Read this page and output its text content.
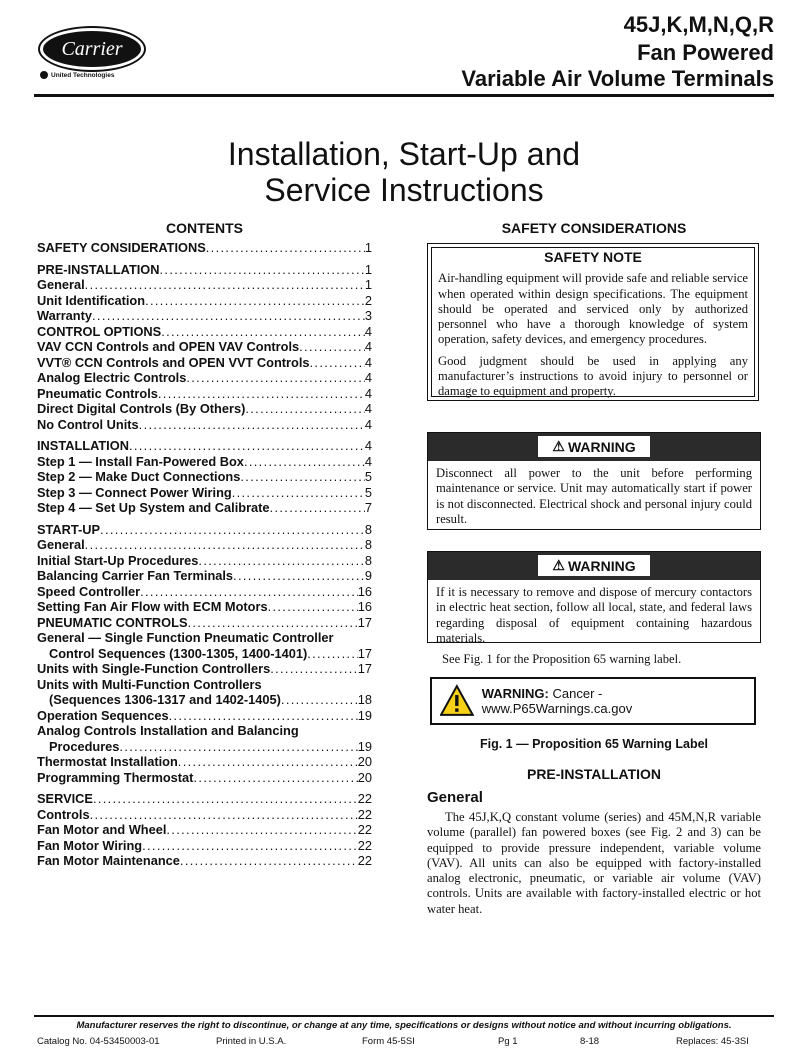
Carrier
United Technologies
45J,K,M,N,Q,R
Fan Powered
Variable Air Volume Terminals
Installation, Start-Up and
Service Instructions
CONTENTS
SAFETY CONSIDERATIONS . . .	1
PRE-INSTALLATION . . .	1
General . . .	1
Unit Identification . . .	2
Warranty . . .	3
CONTROL OPTIONS . . .	4
VAV CCN Controls and OPEN VAV Controls . . .	4
VVT® CCN Controls and OPEN VVT Controls . . .	4
Analog Electric Controls . . .	4
Pneumatic Controls . . .	4
Direct Digital Controls (By Others) . . .	4
No Control Units . . .	4
INSTALLATION . . .	4
Step 1 — Install Fan-Powered Box . . .	4
Step 2 — Make Duct Connections . . .	5
Step 3 — Connect Power Wiring . . .	5
Step 4 — Set Up System and Calibrate . . .	7
START-UP . . .	8
General . . .	8
Initial Start-Up Procedures . . .	8
Balancing Carrier Fan Terminals . . .	9
Speed Controller . . .	16
Setting Fan Air Flow with ECM Motors . . .	16
PNEUMATIC CONTROLS . . .	17
General — Single Function Pneumatic Controller
Control Sequences (1300-1305, 1400-1401) . . .	17
Units with Single-Function Controllers . . .	17
Units with Multi-Function Controllers
(Sequences 1306-1317 and 1402-1405) . . .	18
Operation Sequences . . .	19
Analog Controls Installation and Balancing
Procedures . . .	19
Thermostat Installation . . .	20
Programming Thermostat . . .	20
SERVICE . . .	22
Controls . . .	22
Fan Motor and Wheel . . .	22
Fan Motor Wiring . . .	22
Fan Motor Maintenance . . .	22
SAFETY CONSIDERATIONS
SAFETY NOTE

Air-handling equipment will provide safe and reliable service when operated within design specifications. The equipment should be operated and serviced only by authorized personnel who have a thorough knowledge of system operation, safety devices, and emergency procedures.

Good judgment should be used in applying any manufacturer’s instructions to avoid injury to personnel or damage to equipment and property.

⚠ WARNING
Disconnect all power to the unit before performing maintenance or service. Unit may automatically start if power is not disconnected. Electrical shock and personal injury could result.
⚠ WARNING
If it is necessary to remove and dispose of mercury contactors in electric heat section, follow all local, state, and federal laws regarding disposal of equipment containing hazardous materials.
See Fig. 1 for the Proposition 65 warning label.
WARNING: Cancer - www.P65Warnings.ca.gov
Fig. 1 — Proposition 65 Warning Label
PRE-INSTALLATION
General

The 45J,K,Q constant volume (series) and 45M,N,R variable volume (parallel) fan powered boxes (see Fig. 2 and 3) can be equipped to provide pressure independent, variable volume (VAV). All units can also be equipped with factory-installed analog electronic, pneumatic, or variable air volume (VAV) controls. Units are available with factory-installed electric or hot water heat.

Manufacturer reserves the right to discontinue, or change at any time, specifications or designs without notice and without incurring obligations.
Catalog No. 04-53450003-01	Printed in U.S.A.	Form 45-5SI	Pg 1	8-18	Replaces: 45-3SI
